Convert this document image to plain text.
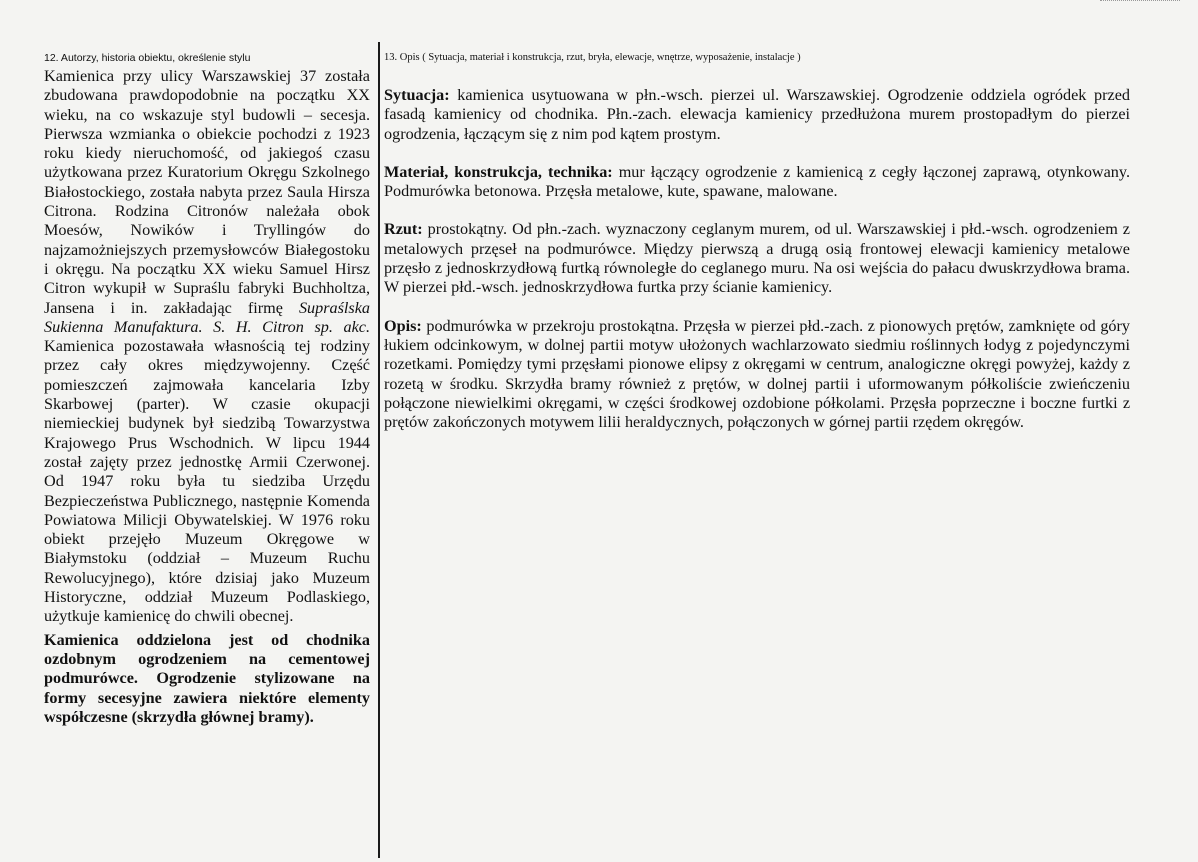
12. Autorzy, historia obiektu, określenie stylu

Kamienica przy ulicy Warszawskiej 37 została zbudowana prawdopodobnie na początku XX wieku, na co wskazuje styl budowli – secesja. Pierwsza wzmianka o obiekcie pochodzi z 1923 roku kiedy nieruchomość, od jakiegoś czasu użytkowana przez Kuratorium Okręgu Szkolnego Białostockiego, została nabyta przez Saula Hirsza Citrona. Rodzina Citronów należała obok Moesów, Nowików i Tryllingów do najzamożniejszych przemysłowców Białegostoku i okręgu. Na początku XX wieku Samuel Hirsz Citron wykupił w Supraślu fabryki Buchholtza, Jansena i in. zakładając firmę Supraślska Sukienna Manufaktura. S. H. Citron sp. akc. Kamienica pozostawała własnością tej rodziny przez cały okres międzywojenny. Część pomieszczeń zajmowała kancelaria Izby Skarbowej (parter). W czasie okupacji niemieckiej budynek był siedzibą Towarzystwa Krajowego Prus Wschodnich. W lipcu 1944 został zajęty przez jednostkę Armii Czerwonej. Od 1947 roku była tu siedziba Urzędu Bezpieczeństwa Publicznego, następnie Komenda Powiatowa Milicji Obywatelskiej. W 1976 roku obiekt przejęło Muzeum Okręgowe w Białymstoku (oddział – Muzeum Ruchu Rewolucyjnego), które dzisiaj jako Muzeum Historyczne, oddział Muzeum Podlaskiego, użytkuje kamienicę do chwili obecnej.

Kamienica oddzielona jest od chodnika ozdobnym ogrodzeniem na cementowej podmurówce. Ogrodzenie stylizowane na formy secesyjne zawiera niektóre elementy współczesne (skrzydła głównej bramy).

13. Opis ( Sytuacja, materiał i konstrukcja, rzut, bryła, elewacje, wnętrze, wyposażenie, instalacje )

Sytuacja: kamienica usytuowana w płn.-wsch. pierzei ul. Warszawskiej. Ogrodzenie oddziela ogródek przed fasadą kamienicy od chodnika. Płn.-zach. elewacja kamienicy przedłużona murem prostopadłym do pierzei ogrodzenia, łączącym się z nim pod kątem prostym.

Materiał, konstrukcja, technika: mur łączący ogrodzenie z kamienicą z cegły łączonej zaprawą, otynkowany. Podmurówka betonowa. Przęsła metalowe, kute, spawane, malowane.

Rzut: prostokątny. Od płn.-zach. wyznaczony ceglanym murem, od ul. Warszawskiej i płd.-wsch. ogrodzeniem z metalowych przęseł na podmurówce. Między pierwszą a drugą osią frontowej elewacji kamienicy metalowe przęsło z jednoskrzydłową furtką równoległe do ceglanego muru. Na osi wejścia do pałacu dwuskrzydłowa brama. W pierzei płd.-wsch. jednoskrzydłowa furtka przy ścianie kamienicy.

Opis: podmurówka w przekroju prostokątna. Przęsła w pierzei płd.-zach. z pionowych prętów, zamknięte od góry łukiem odcinkowym, w dolnej partii motyw ułożonych wachlarzowato siedmiu roślinnych łodyg z pojedynczymi rozetkami. Pomiędzy tymi przęsłami pionowe elipsy z okręgami w centrum, analogiczne okręgi powyżej, każdy z rozetą w środku. Skrzydła bramy również z prętów, w dolnej partii i uformowanym półkoliście zwieńczeniu połączone niewielkimi okręgami, w części środkowej ozdobione półkolami. Przęsła poprzeczne i boczne furtki z prętów zakończonych motywem lilii heraldycznych, połączonych w górnej partii rzędem okręgów.
